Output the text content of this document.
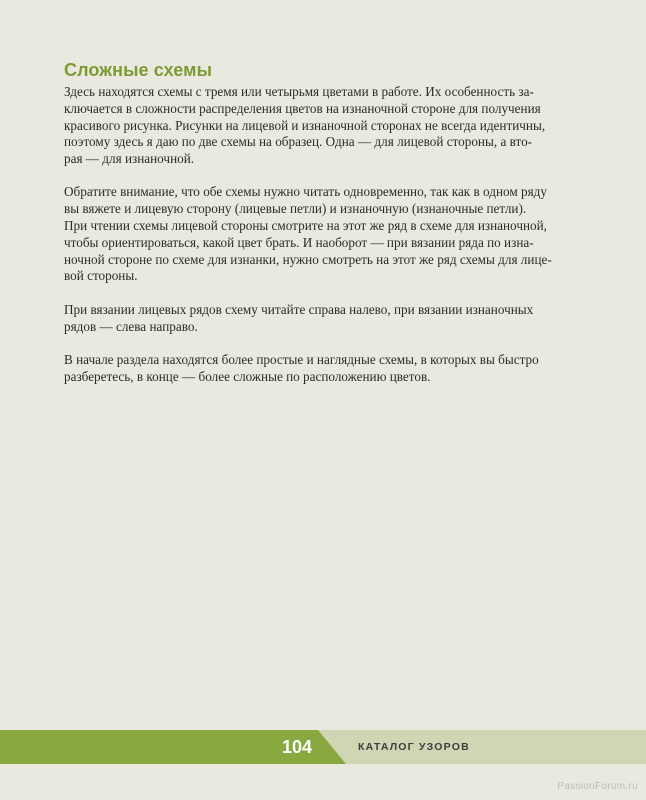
Сложные схемы

Здесь находятся схемы с тремя или четырьмя цветами в работе. Их особенность за-
ключается в сложности распределения цветов на изнаночной стороне для получения
красивого рисунка. Рисунки на лицевой и изнаночной сторонах не всегда идентичны,
поэтому здесь я даю по две схемы на образец. Одна — для лицевой стороны, а вто-
рая — для изнаночной.

Обратите внимание, что обе схемы нужно читать одновременно, так как в одном ряду
вы вяжете и лицевую сторону (лицевые петли) и изнаночную (изнаночные петли).
При чтении схемы лицевой стороны смотрите на этот же ряд в схеме для изнаночной,
чтобы ориентироваться, какой цвет брать. И наоборот — при вязании ряда по изна-
ночной стороне по схеме для изнанки, нужно смотреть на этот же ряд схемы для лице-
вой стороны.

При вязании лицевых рядов схему читайте справа налево, при вязании изнаночных
рядов — слева направо.

В начале раздела находятся более простые и наглядные схемы, в которых вы быстро
разберетесь, в конце — более сложные по расположению цветов.

104	КАТАЛОГ УЗОРОВ
PassionForum.ru
